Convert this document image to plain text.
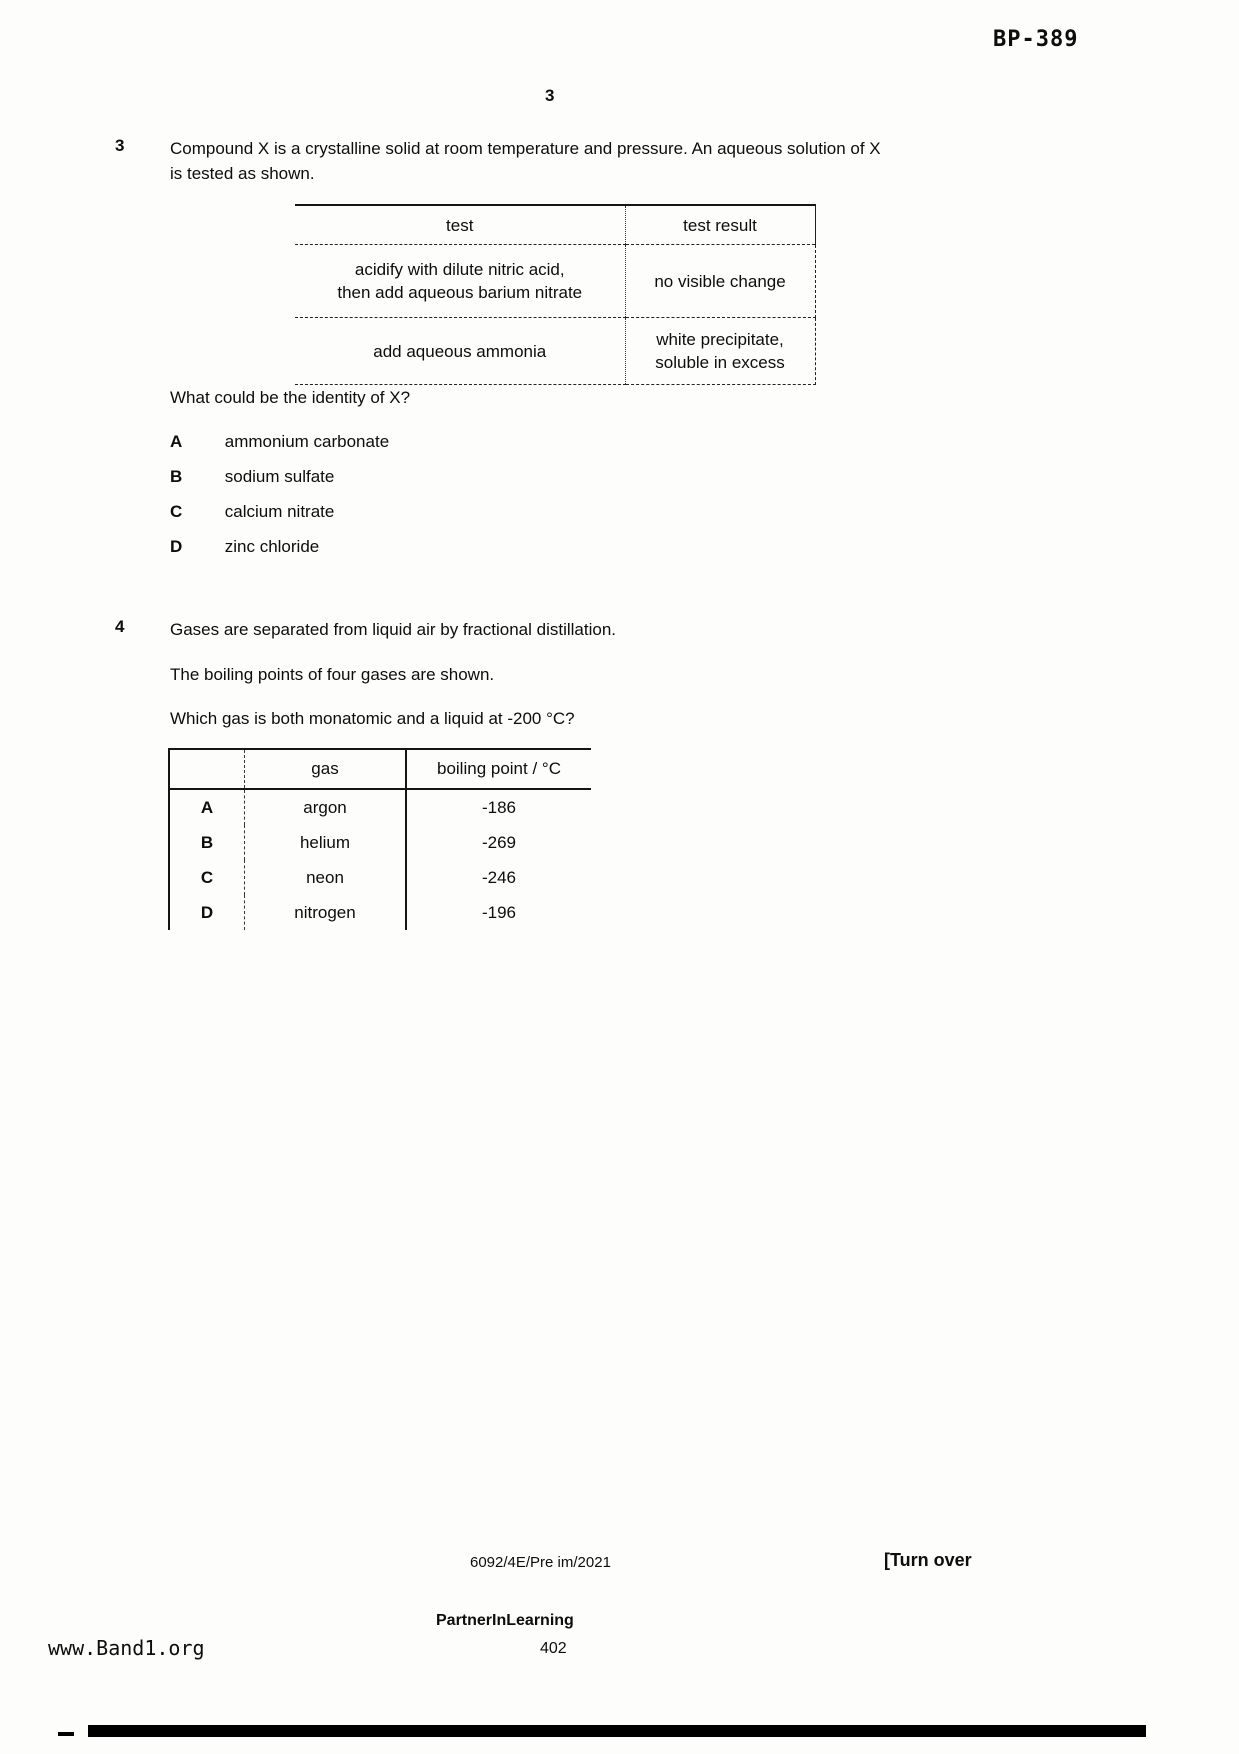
BP-389
3
3	Compound X is a crystalline solid at room temperature and pressure. An aqueous solution of X
is tested as shown.
test	test result

acidify with dilute nitric acid,
then add aqueous barium nitrate	no visible change

add aqueous ammonia	white precipitate,
soluble in excess
What could be the identity of X?
A ammonium carbonate
B sodium sulfate
C calcium nitrate
D zinc chloride
4	Gases are separated from liquid air by fractional distillation.
The boiling points of four gases are shown.
Which gas is both monatomic and a liquid at -200 °C?
	gas	boiling point / °C
A	argon	-186
B	helium	-269
C	neon	-246
D	nitrogen	-196
6092/4E/Pre im/2021	[Turn over
PartnerInLearning
402
www.Band1.org
